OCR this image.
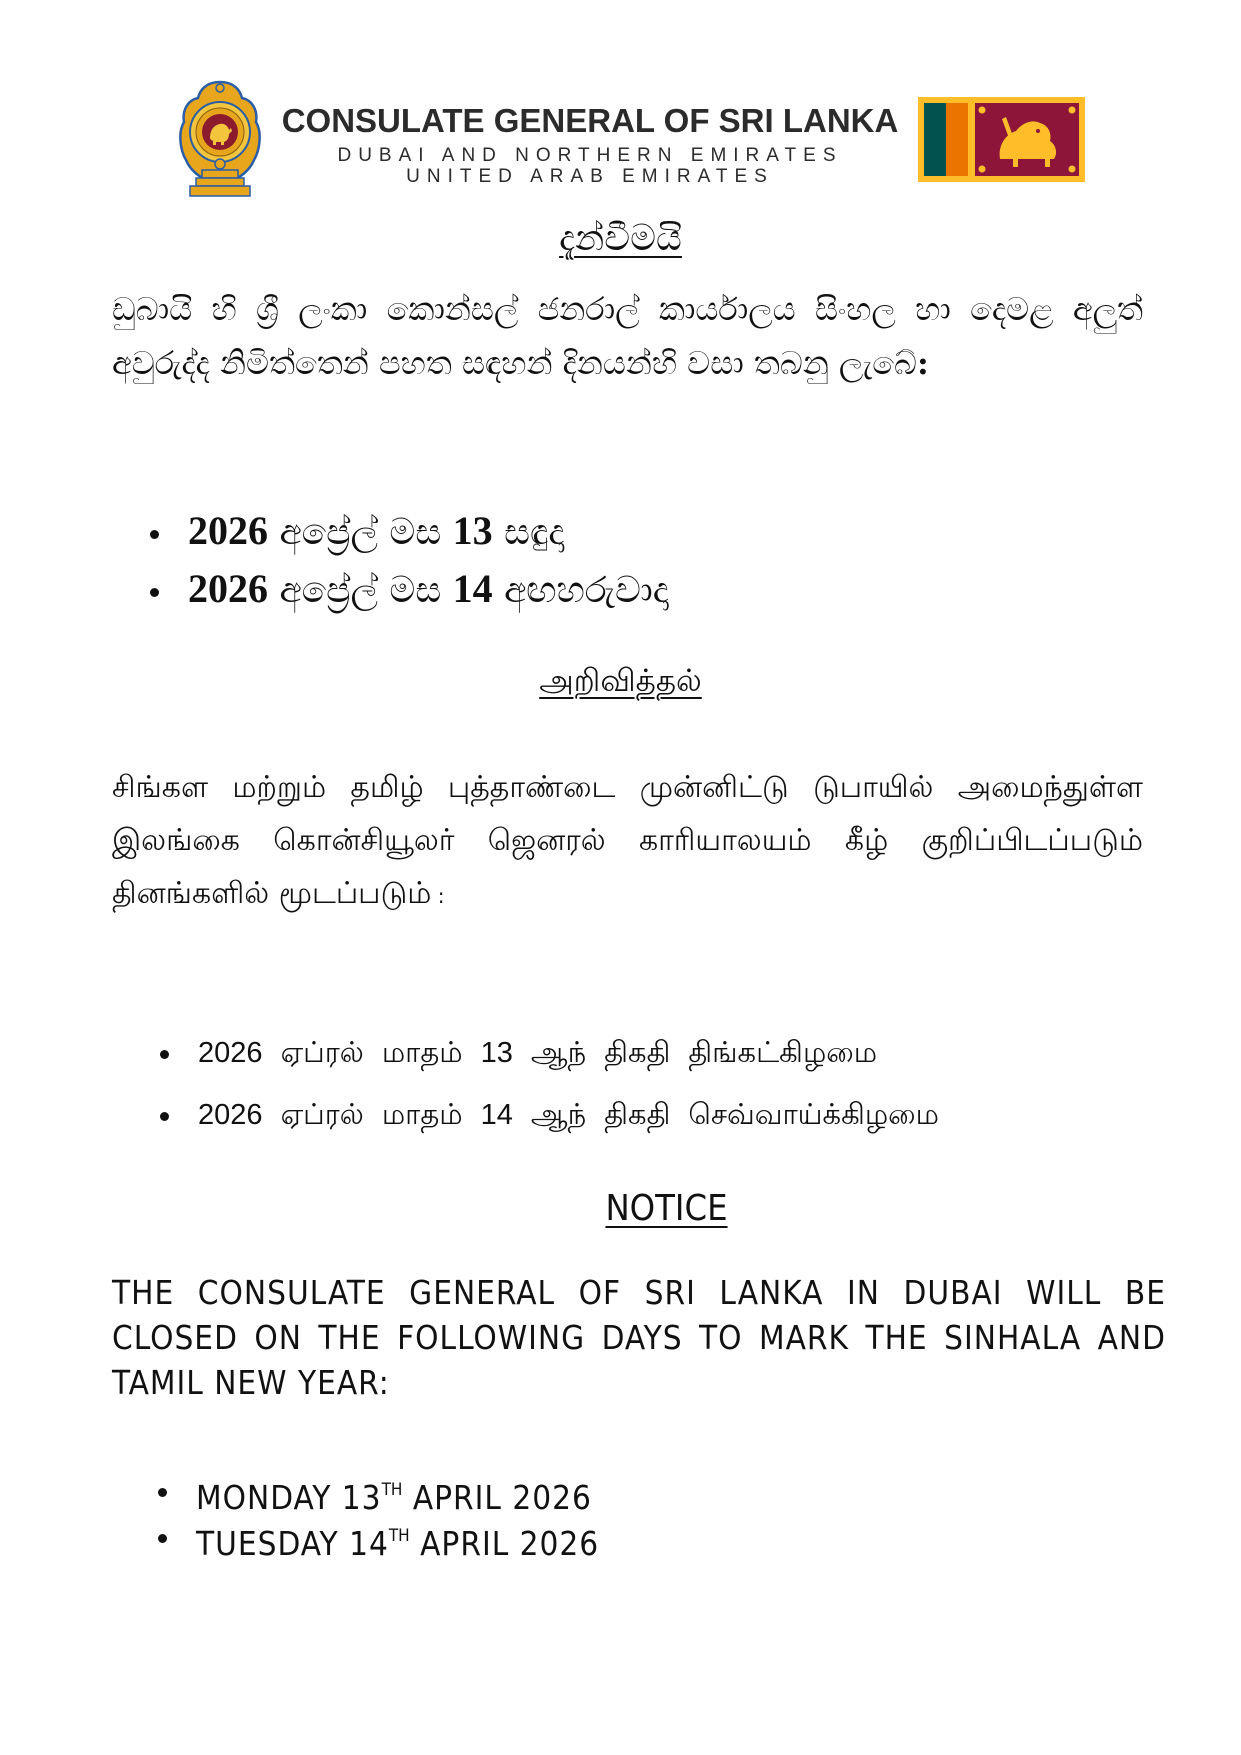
CONSULATE GENERAL OF SRI LANKA
DUBAI AND NORTHERN EMIRATES
UNITED ARAB EMIRATES
දැන්වීමයි
ඩුබායි හි ශ්‍රී ලංකා කොන්සල් ජනරාල් කාර්යාලය සිංහල හා දෙමළ අලුත් අවුරුද්ද නිමිත්තෙන් පහත සඳහන් දිනයන්හි වසා තබනු ලැබේ:
2026 අප්‍රේල් මස 13 සඳුදා
2026 අප්‍රේල් මස 14 අඟහරුවාදා
அறிவித்தல்
சிங்கள மற்றும் தமிழ் புத்தாண்டை முன்னிட்டு டுபாயில் அமைந்துள்ள இலங்கை கொன்சியூலர் ஜெனரல் காரியாலயம் கீழ் குறிப்பிடப்படும் தினங்களில் மூடப்படும் :
2026 ஏப்ரல் மாதம் 13 ஆந் திகதி திங்கட்கிழமை
2026 ஏப்ரல் மாதம் 14 ஆந் திகதி செவ்வாய்க்கிழமை
NOTICE
THE CONSULATE GENERAL OF SRI LANKA IN DUBAI WILL BE CLOSED ON THE FOLLOWING DAYS TO MARK THE SINHALA AND TAMIL NEW YEAR:
MONDAY 13TH APRIL 2026
TUESDAY 14TH APRIL 2026
